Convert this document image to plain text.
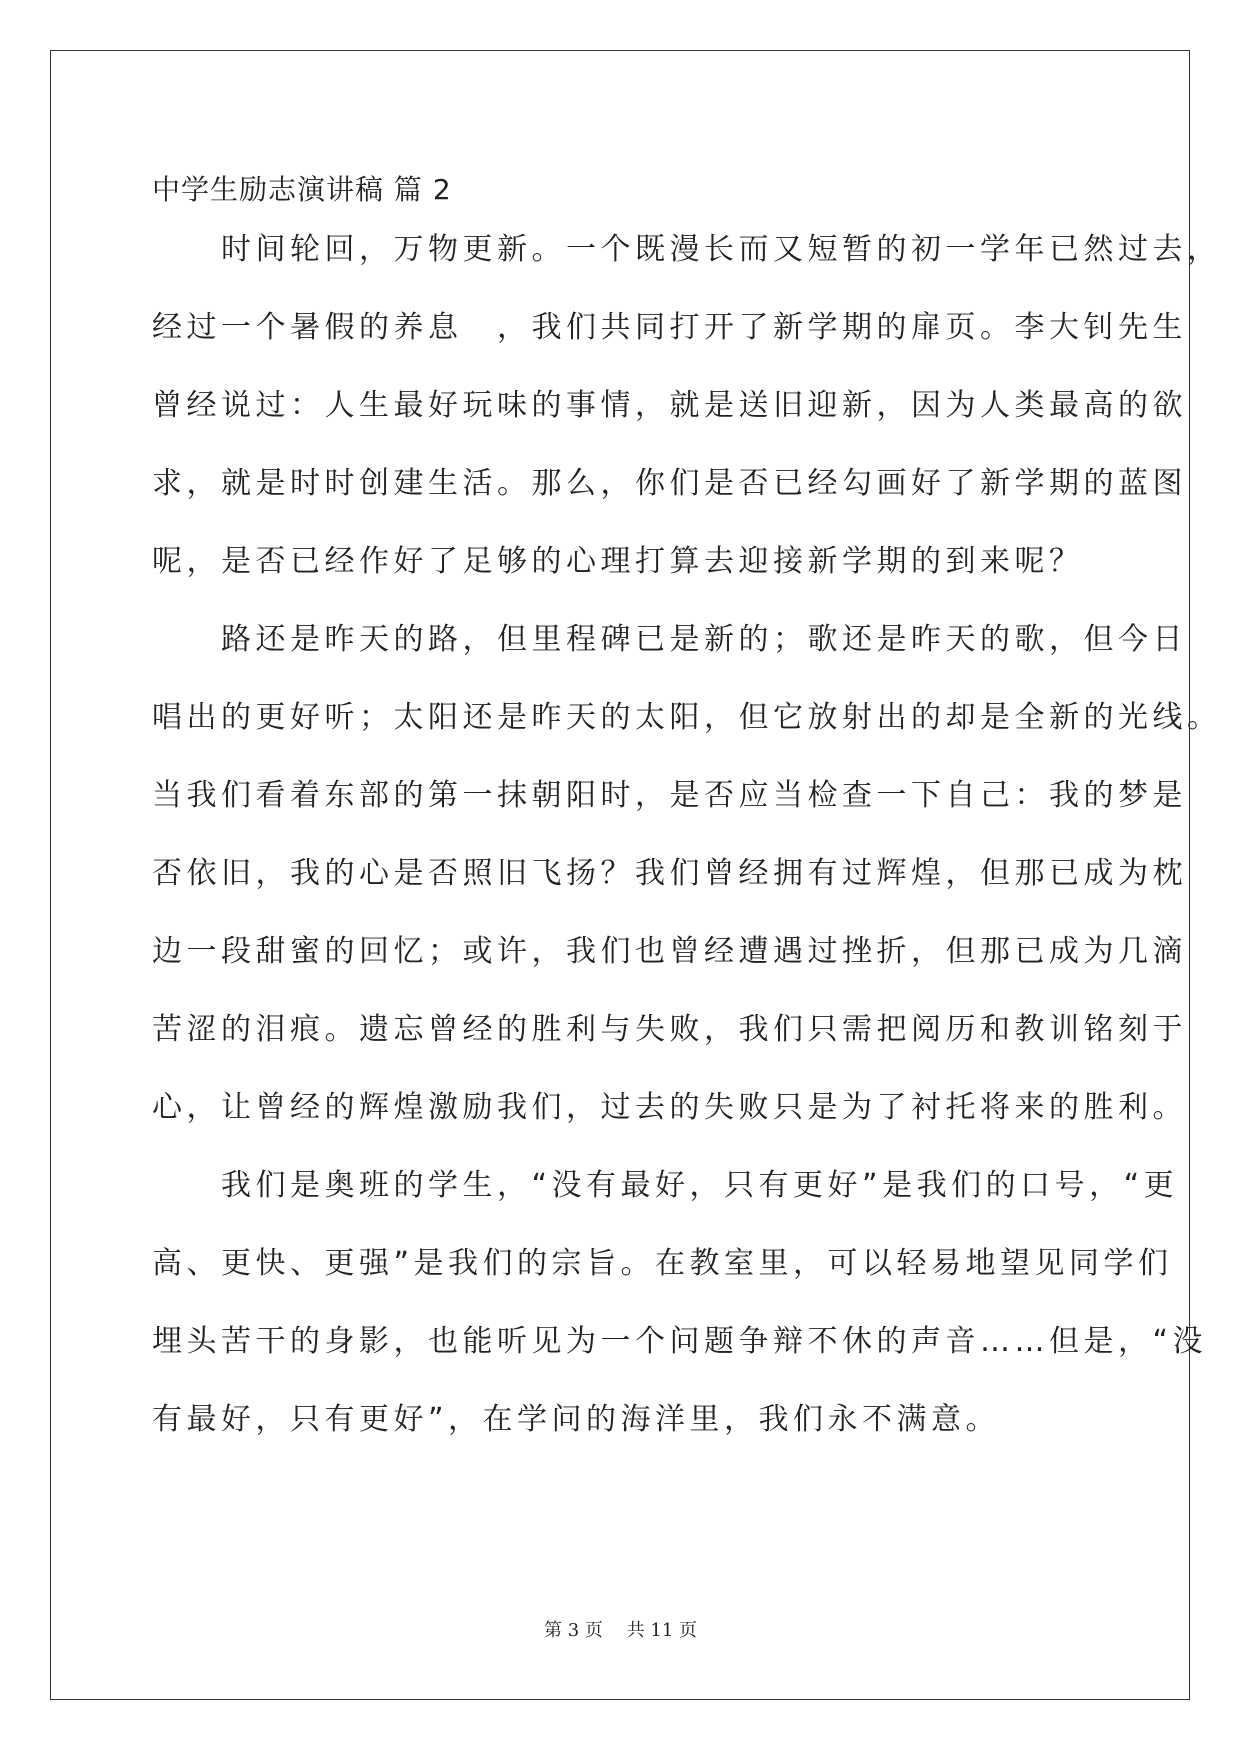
中学生励志演讲稿 篇 2

　　时间轮回，万物更新。一个既漫长而又短暂的初一学年已然过去，

经过一个暑假的养息　，我们共同打开了新学期的扉页。李大钊先生

曾经说过：人生最好玩味的事情，就是送旧迎新，因为人类最高的欲

求，就是时时创建生活。那么，你们是否已经勾画好了新学期的蓝图

呢，是否已经作好了足够的心理打算去迎接新学期的到来呢？

　　路还是昨天的路，但里程碑已是新的；歌还是昨天的歌，但今日

唱出的更好听；太阳还是昨天的太阳，但它放射出的却是全新的光线。

当我们看着东部的第一抹朝阳时，是否应当检查一下自己：我的梦是

否依旧，我的心是否照旧飞扬？我们曾经拥有过辉煌，但那已成为枕

边一段甜蜜的回忆；或许，我们也曾经遭遇过挫折，但那已成为几滴

苦涩的泪痕。遗忘曾经的胜利与失败，我们只需把阅历和教训铭刻于

心，让曾经的辉煌激励我们，过去的失败只是为了衬托将来的胜利。

　　我们是奥班的学生，“没有最好，只有更好”是我们的口号，“更

高、更快、更强”是我们的宗旨。在教室里，可以轻易地望见同学们

埋头苦干的身影，也能听见为一个问题争辩不休的声音……但是，“没

有最好，只有更好”，在学问的海洋里，我们永不满意。

第 3 页 共 11 页
